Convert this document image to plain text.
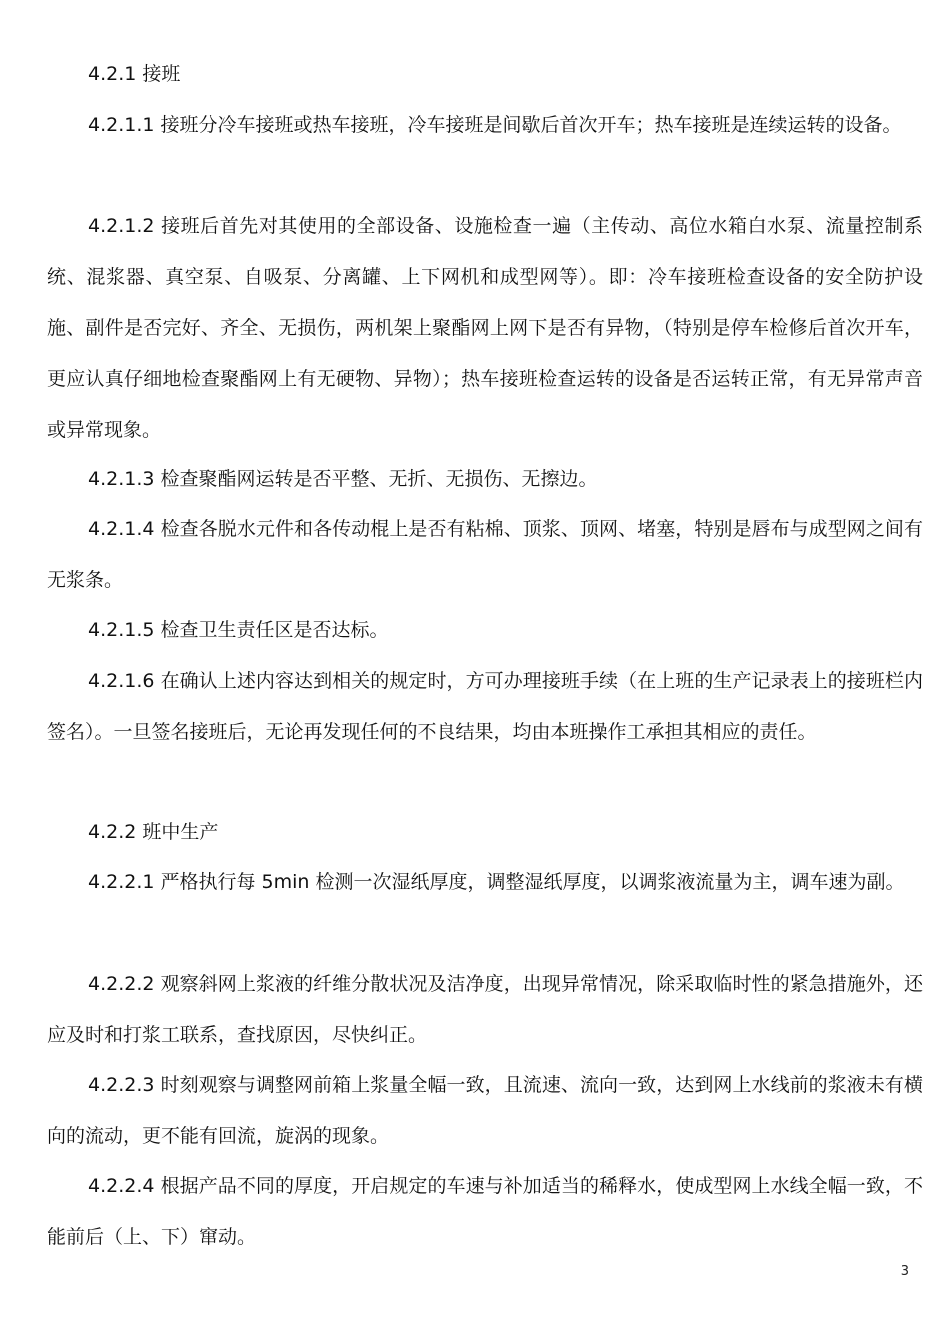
4.2.1 接班

4.2.1.1 接班分冷车接班或热车接班，冷车接班是间歇后首次开车；热车接班是连续运转的设备。

4.2.1.2 接班后首先对其使用的全部设备、设施检查一遍（主传动、高位水箱白水泵、流量控制系统、混浆器、真空泵、自吸泵、分离罐、上下网机和成型网等）。即：冷车接班检查设备的安全防护设施、副件是否完好、齐全、无损伤，两机架上聚酯网上网下是否有异物，（特别是停车检修后首次开车，更应认真仔细地检查聚酯网上有无硬物、异物）；热车接班检查运转的设备是否运转正常，有无异常声音或异常现象。

4.2.1.3 检查聚酯网运转是否平整、无折、无损伤、无擦边。

4.2.1.4 检查各脱水元件和各传动棍上是否有粘棉、顶浆、顶网、堵塞，特别是唇布与成型网之间有无浆条。

4.2.1.5 检查卫生责任区是否达标。

4.2.1.6 在确认上述内容达到相关的规定时，方可办理接班手续（在上班的生产记录表上的接班栏内签名）。一旦签名接班后，无论再发现任何的不良结果，均由本班操作工承担其相应的责任。

4.2.2 班中生产

4.2.2.1 严格执行每 5min 检测一次湿纸厚度，调整湿纸厚度，以调浆液流量为主，调车速为副。

4.2.2.2 观察斜网上浆液的纤维分散状况及洁净度，出现异常情况，除采取临时性的紧急措施外，还应及时和打浆工联系，查找原因，尽快纠正。

4.2.2.3 时刻观察与调整网前箱上浆量全幅一致，且流速、流向一致，达到网上水线前的浆液未有横向的流动，更不能有回流，旋涡的现象。

4.2.2.4 根据产品不同的厚度，开启规定的车速与补加适当的稀释水，使成型网上水线全幅一致，不能前后（上、下）窜动。

3
